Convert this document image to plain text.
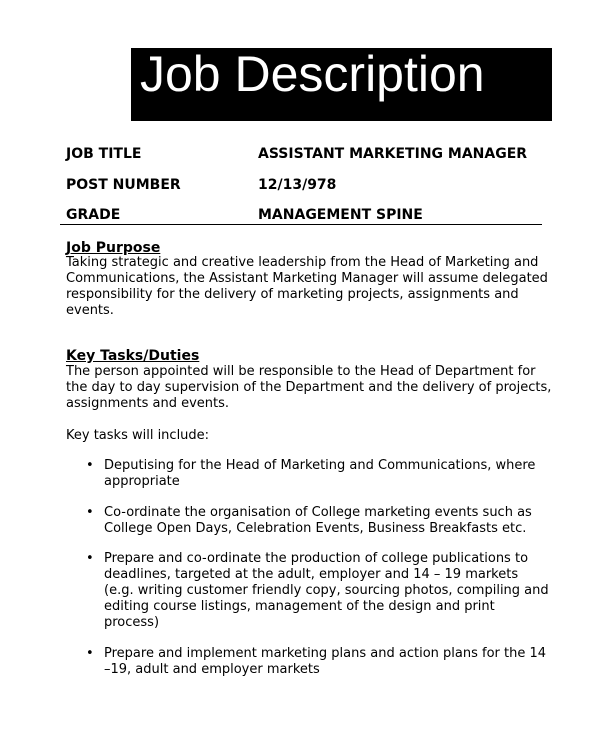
Job Description
JOB TITLE	ASSISTANT MARKETING MANAGER
POST NUMBER	12/13/978
GRADE	MANAGEMENT SPINE
Job Purpose
Taking strategic and creative leadership from the Head of Marketing and
Communications, the Assistant Marketing Manager will assume delegated
responsibility for the delivery of marketing projects, assignments and
events.
Key Tasks/Duties
The person appointed will be responsible to the Head of Department for
the day to day supervision of the Department and the delivery of projects,
assignments and events.
Key tasks will include:
• Deputising for the Head of Marketing and Communications, where
appropriate
• Co-ordinate the organisation of College marketing events such as
College Open Days, Celebration Events, Business Breakfasts etc.
• Prepare and co-ordinate the production of college publications to
deadlines, targeted at the adult, employer and 14 – 19 markets
(e.g. writing customer friendly copy, sourcing photos, compiling and
editing course listings, management of the design and print
process)
• Prepare and implement marketing plans and action plans for the 14
–19, adult and employer markets
